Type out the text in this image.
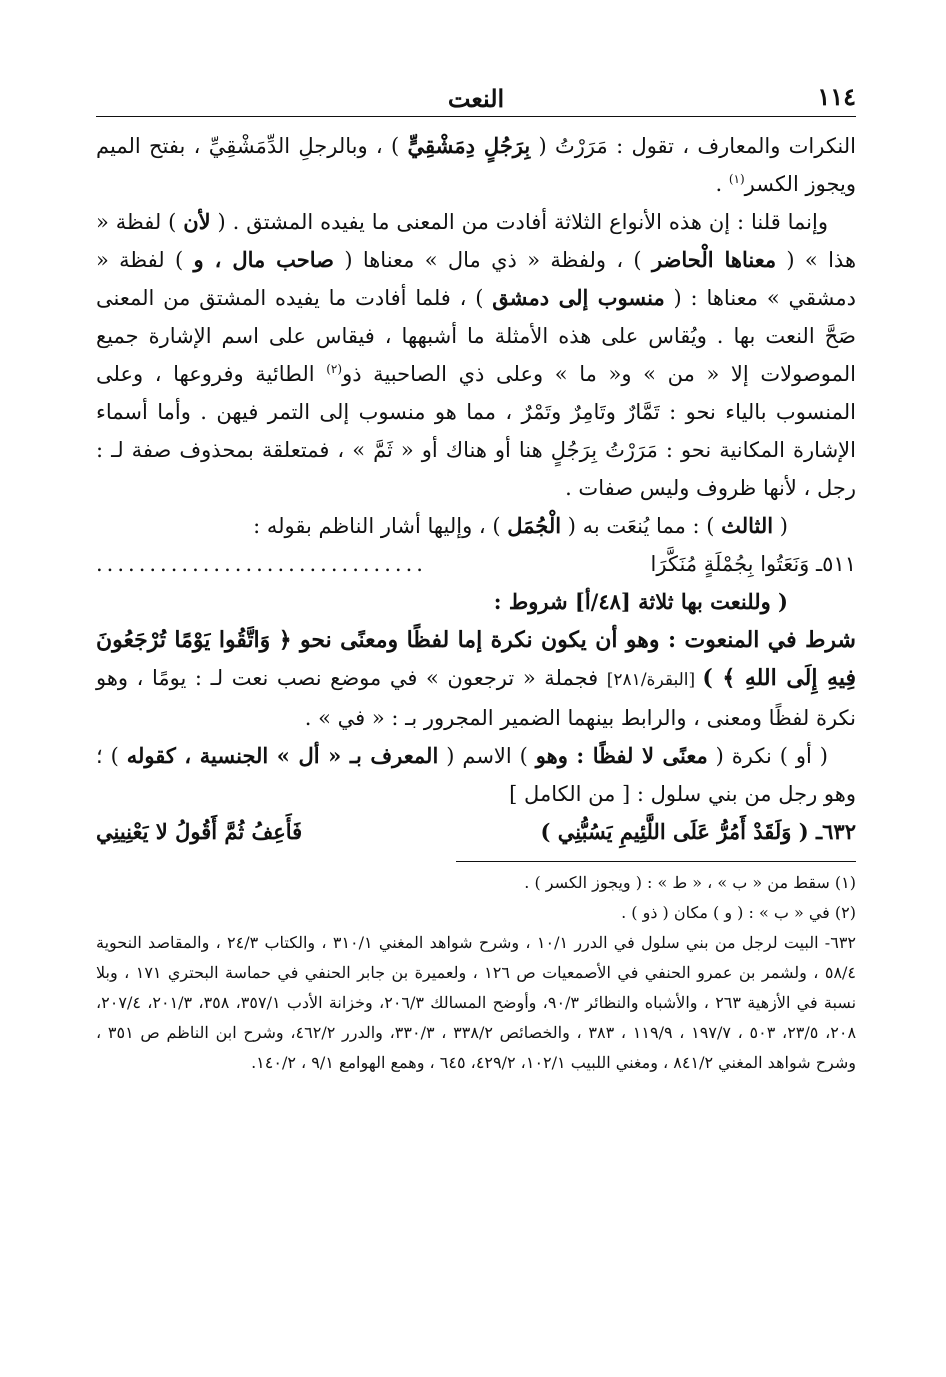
١١٤
النعت

النكرات والمعارف ، تقول : مَرَرْتُ ( بِرَجُلٍ دِمَشْقِيٍّ ) ، وبالرجلِ الدِّمَشْقِيِّ ، بفتح الميم ويجوز الكسر$^{(١)}$ .

وإنما قلنا : إن هذه الأنواع الثلاثة أفادت من المعنى ما يفيده المشتق . ( لأن ) لفظة « هذا » ( معناها الْحاضر ) ، ولفظة « ذي مال » معناها ( صاحب مال ، و ) لفظة « دمشقي » معناها : ( منسوب إلى دمشق ) ، فلما أفادت ما يفيده المشتق من المعنى صَحَّ النعت بها . ويُقاس على هذه الأمثلة ما أشبهها ، فيقاس على اسم الإشارة جميع الموصولات إلا « من » و« ما » وعلى ذي الصاحبية ذو$^{(٢)}$ الطائية وفروعها ، وعلى المنسوب بالياء نحو : تَمَّارٌ وتَامِرٌ وتَمْرٌ ، مما هو منسوب إلى التمر فيهن . وأما أسماء الإشارة المكانية نحو : مَرَرْتُ بِرَجُلٍ هنا أو هناك أو « ثَمَّ » ، فمتعلقة بمحذوف صفة لـ : رجل ، لأنها ظروف وليس صفات .

( الثالث ) : مما يُنعَت به ( الْجُمَل ) ، وإليها أشار الناظم بقوله :

٥١١ـ وَنَعَتُوا بِجُمْلَةٍ مُنَكَّرَا
...............................

( وللنعت بها ثلاثة [٤٨/أ] شروط :

شرط في المنعوت : وهو أن يكون نكرة إما لفظًا ومعنًى نحو ﴿ وَاتَّقُوا يَوْمًا تُرْجَعُونَ فِيهِ إِلَى اللهِ ﴾ ) [البقرة/٢٨١] فجملة « ترجعون » في موضع نصب نعت لـ : يومًا ، وهو نكرة لفظًا ومعنى ، والرابط بينهما الضمير المجرور بـ : « في » .

( أو ) نكرة ( معنًى لا لفظًا : وهو ) الاسم ( المعرف بـ « أل » الجنسية ، كقوله ) ؛ وهو رجل من بني سلول : [ من الكامل ]

٦٣٢ـ ( وَلَقَدْ أَمُرُّ عَلَى اللَّئِيمِ يَسُبُّنِي )
فَأَعِفُ ثُمَّ أَقُولُ لا يَعْنِينِي

(١) سقط من « ب » ، « ط » : ( ويجوز الكسر ) .

(٢) في « ب » : ( و ) مكان ( ذو ) .

٦٣٢- البيت لرجل من بني سلول في الدرر ١٠/١ ، وشرح شواهد المغني ٣١٠/١ ، والكتاب ٢٤/٣ ، والمقاصد النحوية ٥٨/٤ ، ولشمر بن عمرو الحنفي في الأصمعيات ص ١٢٦ ، ولعميرة بن جابر الحنفي في حماسة البحتري ١٧١ ، وبلا نسبة في الأزهية ٢٦٣ ، والأشباه والنظائر ٩٠/٣، وأوضح المسالك ٢٠٦/٣، وخزانة الأدب ٣٥٧/١، ٣٥٨، ٢٠١/٣، ٢٠٧/٤، ٢٠٨، ٢٣/٥، ٥٠٣ ، ١٩٧/٧ ، ١١٩/٩ ، ٣٨٣ ، والخصائص ٣٣٨/٢ ، ٣٣٠/٣، والدرر ٤٦٢/٢، وشرح ابن الناظم ص ٣٥١ ، وشرح شواهد المغني ٨٤١/٢ ، ومغني اللبيب ١٠٢/١، ٤٢٩/٢، ٦٤٥ ، وهمع الهوامع ٩/١ ، ١٤٠/٢.
